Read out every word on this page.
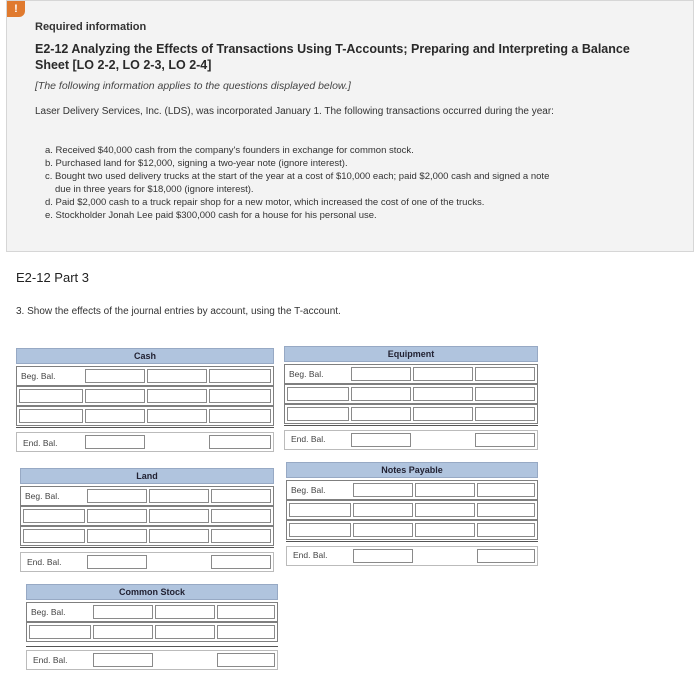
!
Required information
E2-12 Analyzing the Effects of Transactions Using T-Accounts; Preparing and Interpreting a Balance Sheet [LO 2-2, LO 2-3, LO 2-4]
[The following information applies to the questions displayed below.]
Laser Delivery Services, Inc. (LDS), was incorporated January 1. The following transactions occurred during the year:
a. Received $40,000 cash from the company's founders in exchange for common stock.
b. Purchased land for $12,000, signing a two-year note (ignore interest).
c. Bought two used delivery trucks at the start of the year at a cost of $10,000 each; paid $2,000 cash and signed a note
due in three years for $18,000 (ignore interest).
d. Paid $2,000 cash to a truck repair shop for a new motor, which increased the cost of one of the trucks.
e. Stockholder Jonah Lee paid $300,000 cash for a house for his personal use.
E2-12 Part 3
3. Show the effects of the journal entries by account, using the T-account.
Cash
Beg. Bal.
End. Bal.
Equipment
Beg. Bal.
End. Bal.
Land
Beg. Bal.
End. Bal.
Notes Payable
Beg. Bal.
End. Bal.
Common Stock
Beg. Bal.
End. Bal.
